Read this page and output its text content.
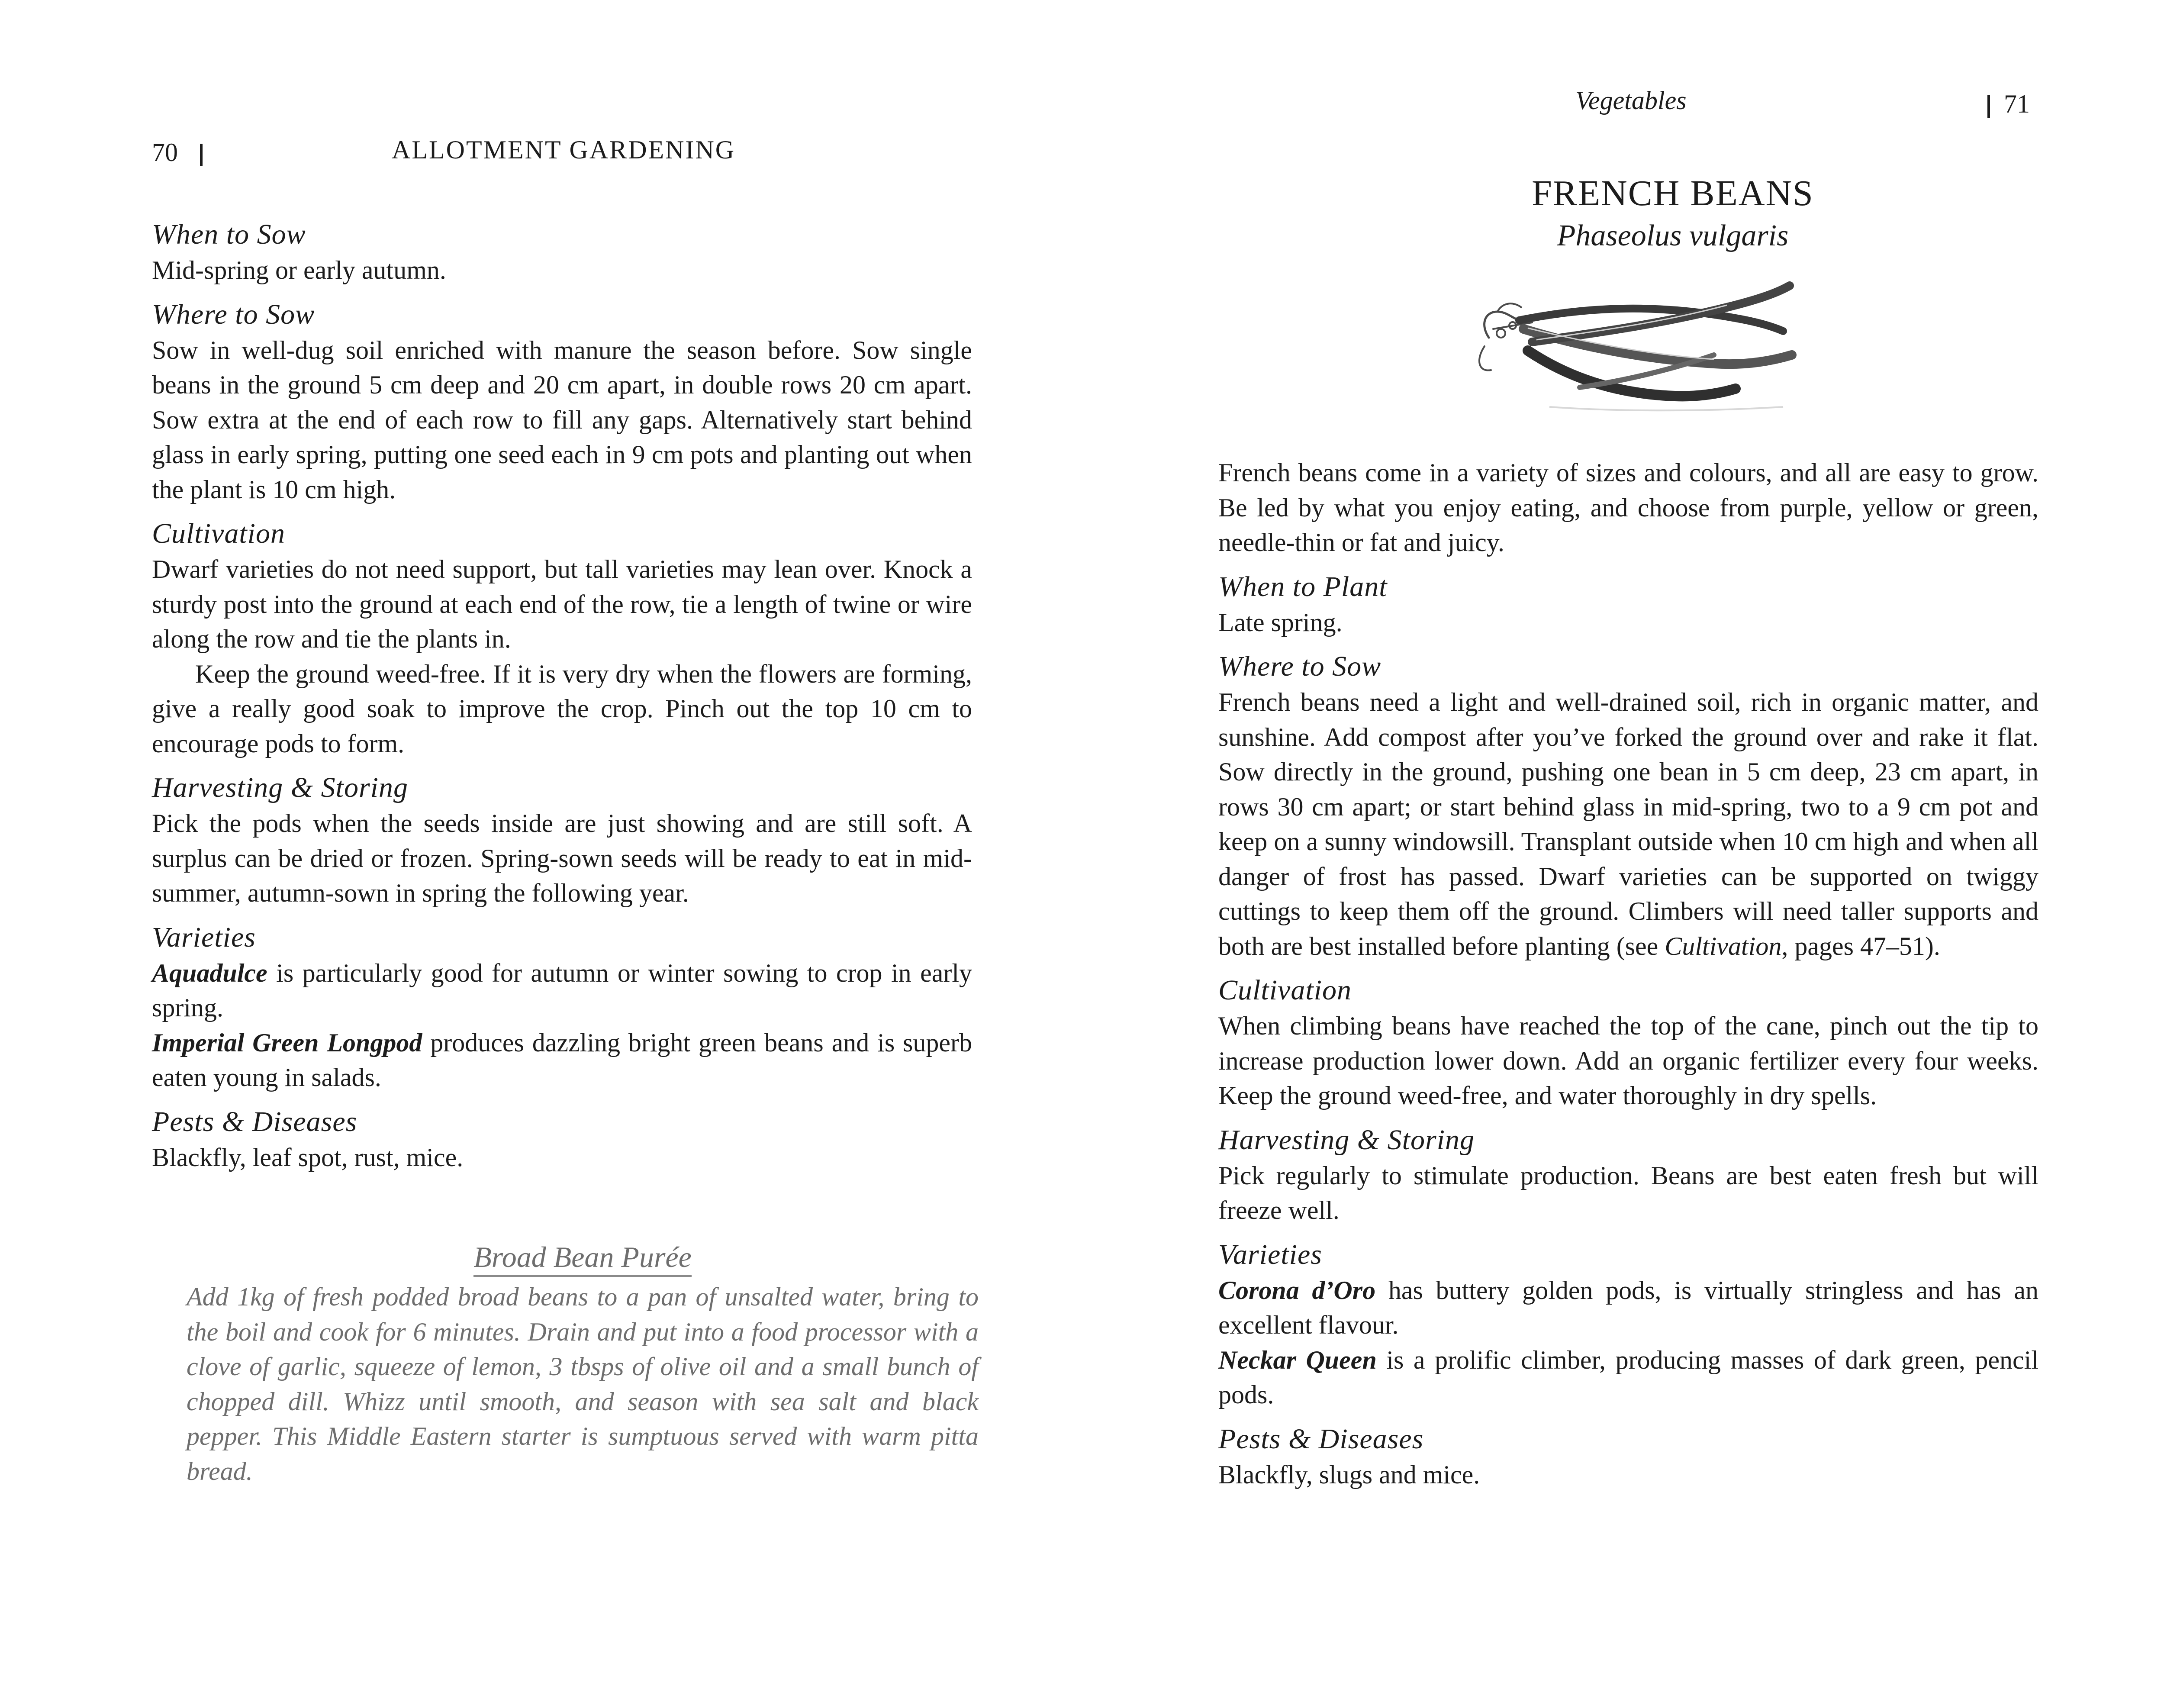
70	ALLOTMENT GARDENING
When to Sow

Mid-spring or early autumn.

Where to Sow

Sow in well-dug soil enriched with manure the season before. Sow single beans in the ground 5 cm deep and 20 cm apart, in double rows 20 cm apart. Sow extra at the end of each row to fill any gaps. Alternatively start behind glass in early spring, putting one seed each in 9 cm pots and planting out when the plant is 10 cm high.

Cultivation

Dwarf varieties do not need support, but tall varieties may lean over. Knock a sturdy post into the ground at each end of the row, tie a length of twine or wire along the row and tie the plants in.

Keep the ground weed-free. If it is very dry when the flowers are forming, give a really good soak to improve the crop. Pinch out the top 10 cm to encourage pods to form.

Harvesting & Storing

Pick the pods when the seeds inside are just showing and are still soft. A surplus can be dried or frozen. Spring-sown seeds will be ready to eat in mid-summer, autumn-sown in spring the following year.

Varieties

Aquadulce is particularly good for autumn or winter sowing to crop in early spring.

Imperial Green Longpod produces dazzling bright green beans and is superb eaten young in salads.

Pests & Diseases

Blackfly, leaf spot, rust, mice.

Broad Bean Purée

Add 1kg of fresh podded broad beans to a pan of unsalted water, bring to the boil and cook for 6 minutes. Drain and put into a food processor with a clove of garlic, squeeze of lemon, 3 tbsps of olive oil and a small bunch of chopped dill. Whizz until smooth, and season with sea salt and black pepper. This Middle Eastern starter is sumptuous served with warm pitta bread.

Vegetables	71
FRENCH BEANS
Phaseolus vulgaris

French beans come in a variety of sizes and colours, and all are easy to grow. Be led by what you enjoy eating, and choose from purple, yellow or green, needle-thin or fat and juicy.

When to Plant

Late spring.

Where to Sow

French beans need a light and well-drained soil, rich in organic matter, and sunshine. Add compost after you’ve forked the ground over and rake it flat. Sow directly in the ground, pushing one bean in 5 cm deep, 23 cm apart, in rows 30 cm apart; or start behind glass in mid-spring, two to a 9 cm pot and keep on a sunny windowsill. Transplant outside when 10 cm high and when all danger of frost has passed. Dwarf varieties can be supported on twiggy cuttings to keep them off the ground. Climbers will need taller supports and both are best installed before planting (see Cultivation, pages 47–51).

Cultivation

When climbing beans have reached the top of the cane, pinch out the tip to increase production lower down. Add an organic fertilizer every four weeks. Keep the ground weed-free, and water thoroughly in dry spells.

Harvesting & Storing

Pick regularly to stimulate production. Beans are best eaten fresh but will freeze well.

Varieties

Corona d’Oro has buttery golden pods, is virtually stringless and has an excellent flavour.

Neckar Queen is a prolific climber, producing masses of dark green, pencil pods.

Pests & Diseases

Blackfly, slugs and mice.
